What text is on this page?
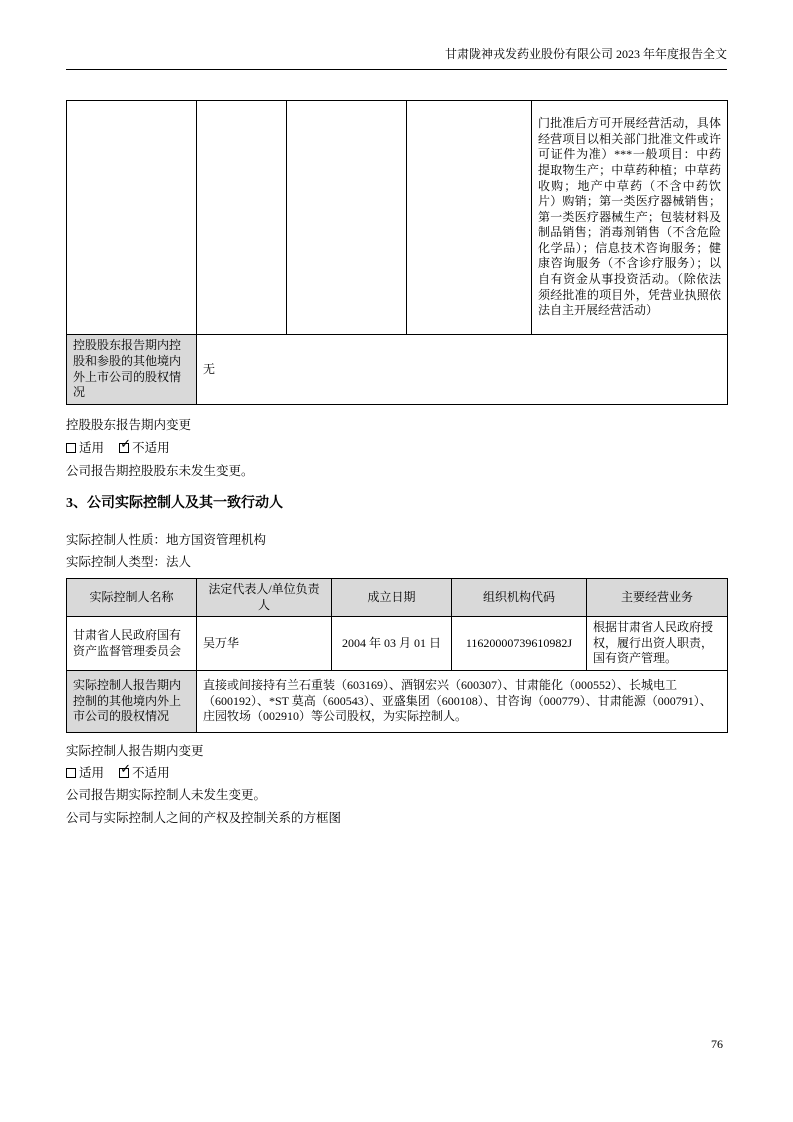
甘肃陇神戎发药业股份有限公司 2023 年年度报告全文
				门批准后方可开展经营活动，具体经营项目以相关部门批准文件或许可证件为准）***一般项目：中药提取物生产；中草药种植；中草药收购；地产中草药（不含中药饮片）购销；第一类医疗器械销售；第一类医疗器械生产；包装材料及制品销售；消毒剂销售（不含危险化学品）；信息技术咨询服务；健康咨询服务（不含诊疗服务）；以自有资金从事投资活动。（除依法须经批准的项目外，凭营业执照依法自主开展经营活动）
控股股东报告期内控股和参股的其他境内外上市公司的股权情况	无			
控股股东报告期内变更
适用 ✓ 不适用
公司报告期控股股东未发生变更。
3、公司实际控制人及其一致行动人
实际控制人性质：地方国资管理机构
实际控制人类型：法人
实际控制人名称	法定代表人/单位负责人	成立日期	组织机构代码	主要经营业务
甘肃省人民政府国有资产监督管理委员会	吴万华	2004 年 03 月 01 日	11620000739610982J	根据甘肃省人民政府授权，履行出资人职责，国有资产管理。
实际控制人报告期内控制的其他境内外上市公司的股权情况	直接或间接持有兰石重装（603169）、酒钢宏兴（600307）、甘肃能化（000552）、长城电工（600192）、*ST 莫高（600543）、亚盛集团（600108）、甘咨询（000779）、甘肃能源（000791）、庄园牧场（002910）等公司股权，为实际控制人。			
实际控制人报告期内变更
适用 ✓ 不适用
公司报告期实际控制人未发生变更。
公司与实际控制人之间的产权及控制关系的方框图
76
